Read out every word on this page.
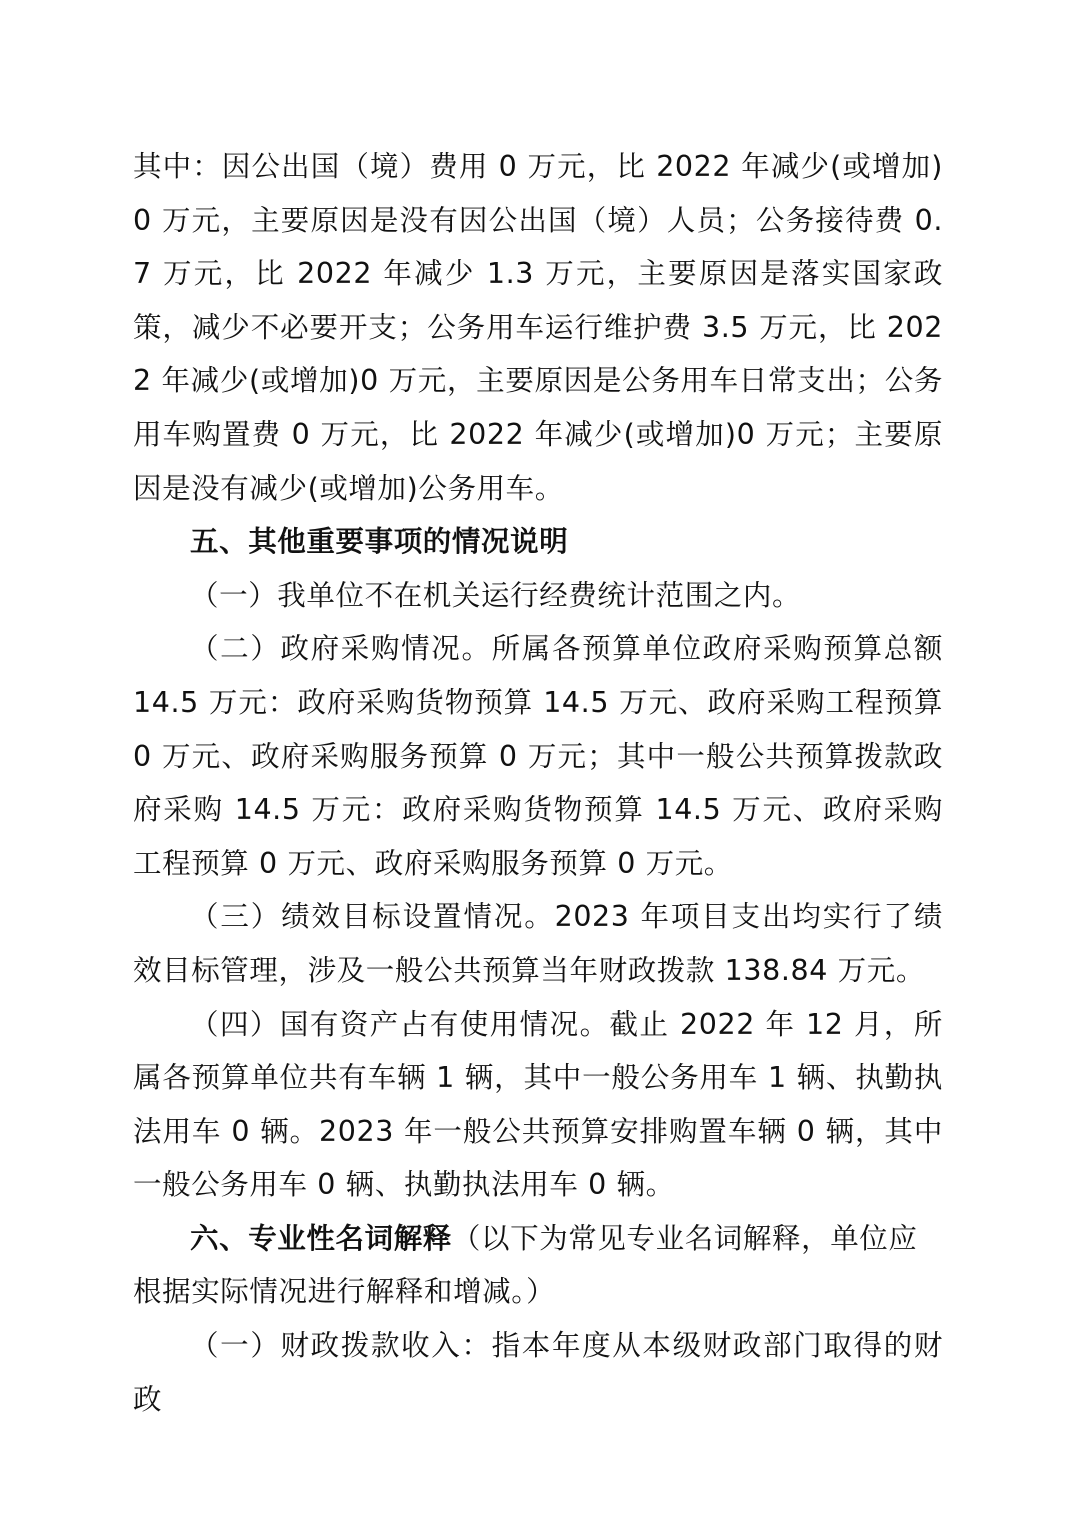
其中：因公出国（境）费用 0 万元，比 2022 年减少(或增加)0 万元，主要原因是没有因公出国（境）人员；公务接待费 0.7 万元，比 2022 年减少 1.3 万元，主要原因是落实国家政策，减少不必要开支；公务用车运行维护费 3.5 万元，比 2022 年减少(或增加)0 万元，主要原因是公务用车日常支出；公务用车购置费 0 万元，比 2022 年减少(或增加)0 万元；主要原因是没有减少(或增加)公务用车。

五、其他重要事项的情况说明

（一）我单位不在机关运行经费统计范围之内。

（二）政府采购情况。所属各预算单位政府采购预算总额 14.5 万元：政府采购货物预算 14.5 万元、政府采购工程预算 0 万元、政府采购服务预算 0 万元；其中一般公共预算拨款政府采购 14.5 万元：政府采购货物预算 14.5 万元、政府采购工程预算 0 万元、政府采购服务预算 0 万元。

（三）绩效目标设置情况。2023 年项目支出均实行了绩效目标管理，涉及一般公共预算当年财政拨款 138.84 万元。

（四）国有资产占有使用情况。截止 2022 年 12 月，所属各预算单位共有车辆 1 辆，其中一般公务用车 1 辆、执勤执法用车 0 辆。2023 年一般公共预算安排购置车辆 0 辆，其中一般公务用车 0 辆、执勤执法用车 0 辆。

六、专业性名词解释（以下为常见专业名词解释，单位应根据实际情况进行解释和增减。）

（一）财政拨款收入：指本年度从本级财政部门取得的财政
